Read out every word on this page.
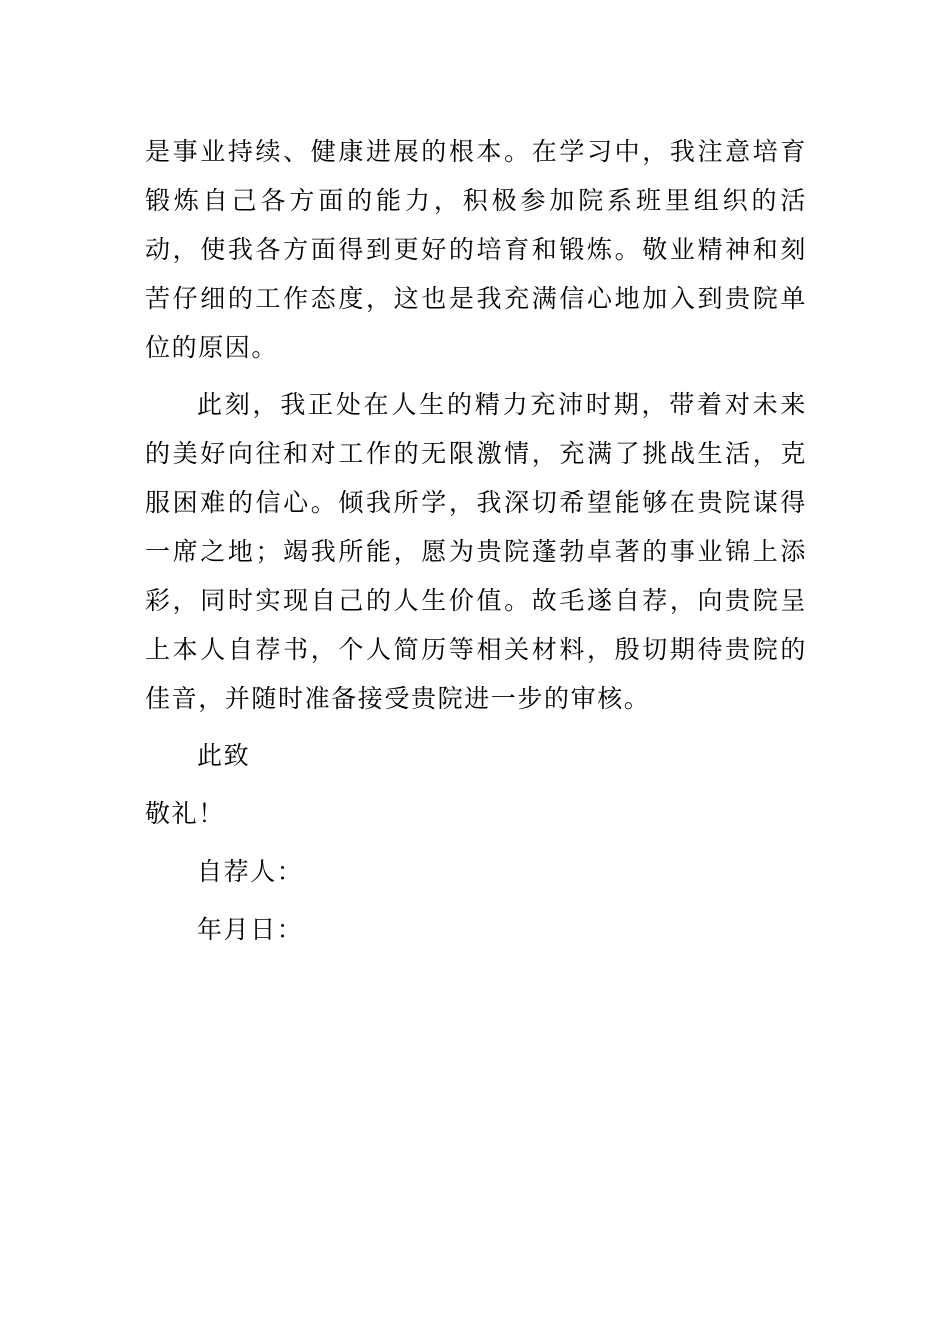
是事业持续、健康进展的根本。在学习中，我注意培育锻炼自己各方面的能力，积极参加院系班里组织的活动，使我各方面得到更好的培育和锻炼。敬业精神和刻苦仔细的工作态度，这也是我充满信心地加入到贵院单位的原因。

此刻，我正处在人生的精力充沛时期，带着对未来的美好向往和对工作的无限激情，充满了挑战生活，克服困难的信心。倾我所学，我深切希望能够在贵院谋得一席之地；竭我所能，愿为贵院蓬勃卓著的事业锦上添彩，同时实现自己的人生价值。故毛遂自荐，向贵院呈上本人自荐书，个人简历等相关材料，殷切期待贵院的佳音，并随时准备接受贵院进一步的审核。

此致

敬礼！

自荐人：

年月日：
